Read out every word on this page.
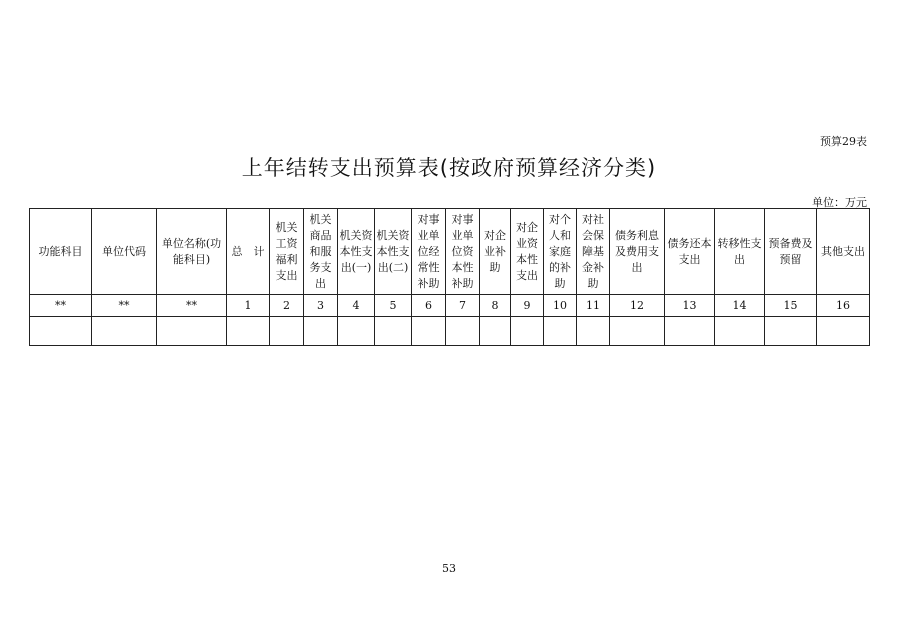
预算29表
上年结转支出预算表(按政府预算经济分类)
单位：万元
功能科目	单位代码	单位名称(功能科目)	总　计	机关工资福利支出	机关商品和服务支出	机关资本性支出(一)	机关资本性支出(二)	对事业单位经常性补助	对事业单位资本性补助	对企业补助	对企业资本性支出	对个人和家庭的补助	对社会保障基金补助	债务利息及费用支出	债务还本支出	转移性支出	预备费及预留	其他支出
**	**	**	1	2	3	4	5	6	7	8	9	10	11	12	13	14	15	16

53
